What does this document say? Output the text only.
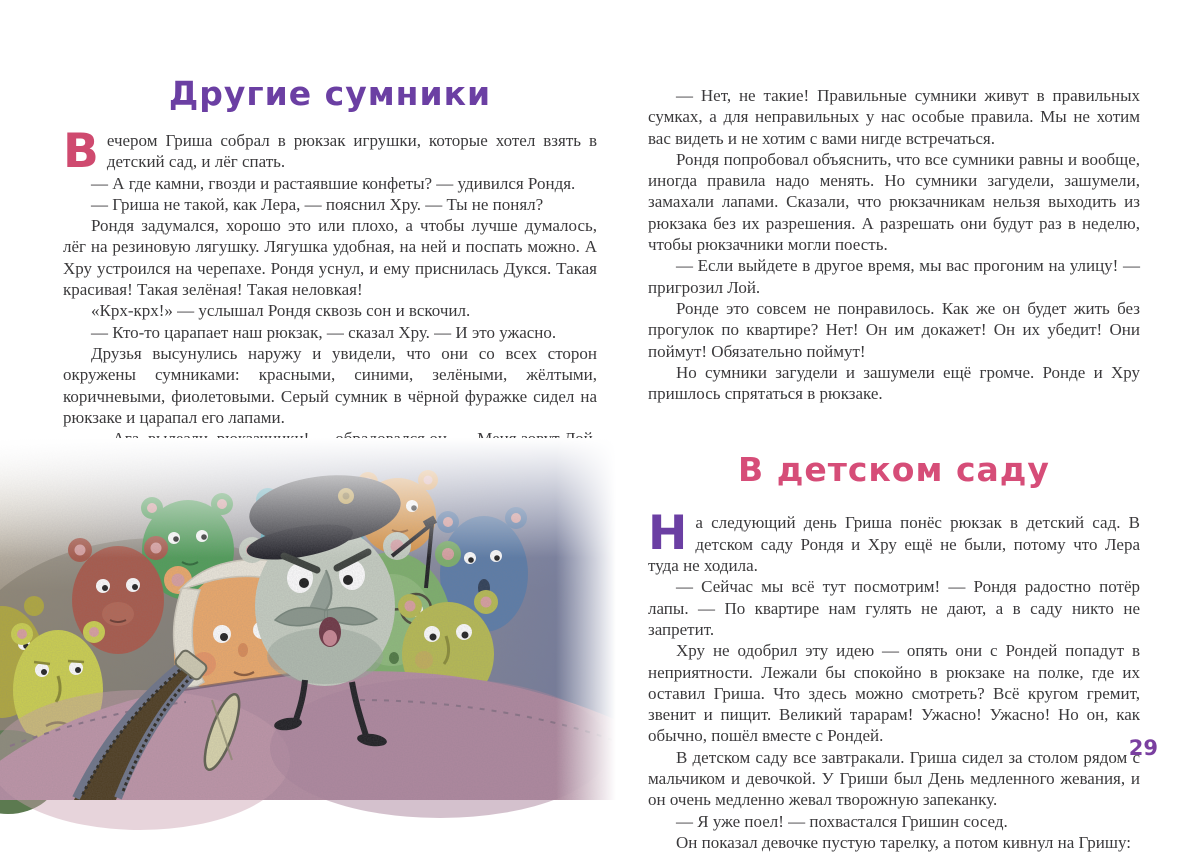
Другие сумники

Вечером Гриша собрал в рюкзак игрушки, которые хотел взять в детский сад, и лёг спать.

— А где камни, гвозди и растаявшие конфеты? — удивился Рондя.

— Гриша не такой, как Лера, — пояснил Хру. — Ты не понял?

Рондя задумался, хорошо это или плохо, а чтобы лучше думалось, лёг на резиновую лягушку. Лягушка удобная, на ней и поспать можно. А Хру устроился на черепахе. Рондя уснул, и ему приснилась Дукся. Такая красивая! Такая зелёная! Такая неловкая!

«Крх-крх!» — услышал Рондя сквозь сон и вскочил.

— Кто-то царапает наш рюкзак, — сказал Хру. — И это ужасно.

Друзья высунулись наружу и увидели, что они со всех сторон окружены сумниками: красными, синими, зелёными, жёлтыми, коричневыми, фиолетовыми. Серый сумник в чёрной фуражке сидел на рюкзаке и царапал его лапами.

— Нет, не такие! Правильные сумники живут в правильных сумках, а для неправильных у нас особые правила. Мы не хотим вас видеть и не хотим с вами нигде встречаться.

Рондя попробовал объяснить, что все сумники равны и вообще, иногда правила надо менять. Но сумники загудели, зашумели, замахали лапами. Сказали, что рюкзачникам нельзя выходить из рюкзака без их разрешения. А разрешать они будут раз в неделю, чтобы рюкзачники могли поесть.

— Если выйдете в другое время, мы вас прогоним на улицу! — пригрозил Лой.

Ронде это совсем не понравилось. Как же он будет жить без прогулок по квартире? Нет! Он им докажет! Он их убедит! Они поймут! Обязательно поймут!

Но сумники загудели и зашумели ещё громче. Ронде и Хру пришлось спрятаться в рюкзаке.

В детском саду

На следующий день Гриша понёс рюкзак в детский сад. В детском саду Рондя и Хру ещё не были, потому что Лера туда не ходила.

— Сейчас мы всё тут посмотрим! — Рондя радостно потёр лапы. — По квартире нам гулять не дают, а в саду никто не запретит.

Хру не одобрил эту идею — опять они с Рондей попадут в неприятности. Лежали бы спокойно в рюкзаке на полке, где их оставил Гриша. Что здесь можно смотреть? Всё кругом гремит, звенит и пищит. Великий тарарам! Ужасно! Ужасно! Но он, как обычно, пошёл вместе с Рондей.

В детском саду все завтракали. Гриша сидел за столом рядом с мальчиком и девочкой. У Гриши был День медленного жевания, и он очень медленно жевал творожную запеканку.

— Я уже поел! — похвастался Гришин сосед.

Он показал девочке пустую тарелку, а потом кивнул на Гришу:

29
